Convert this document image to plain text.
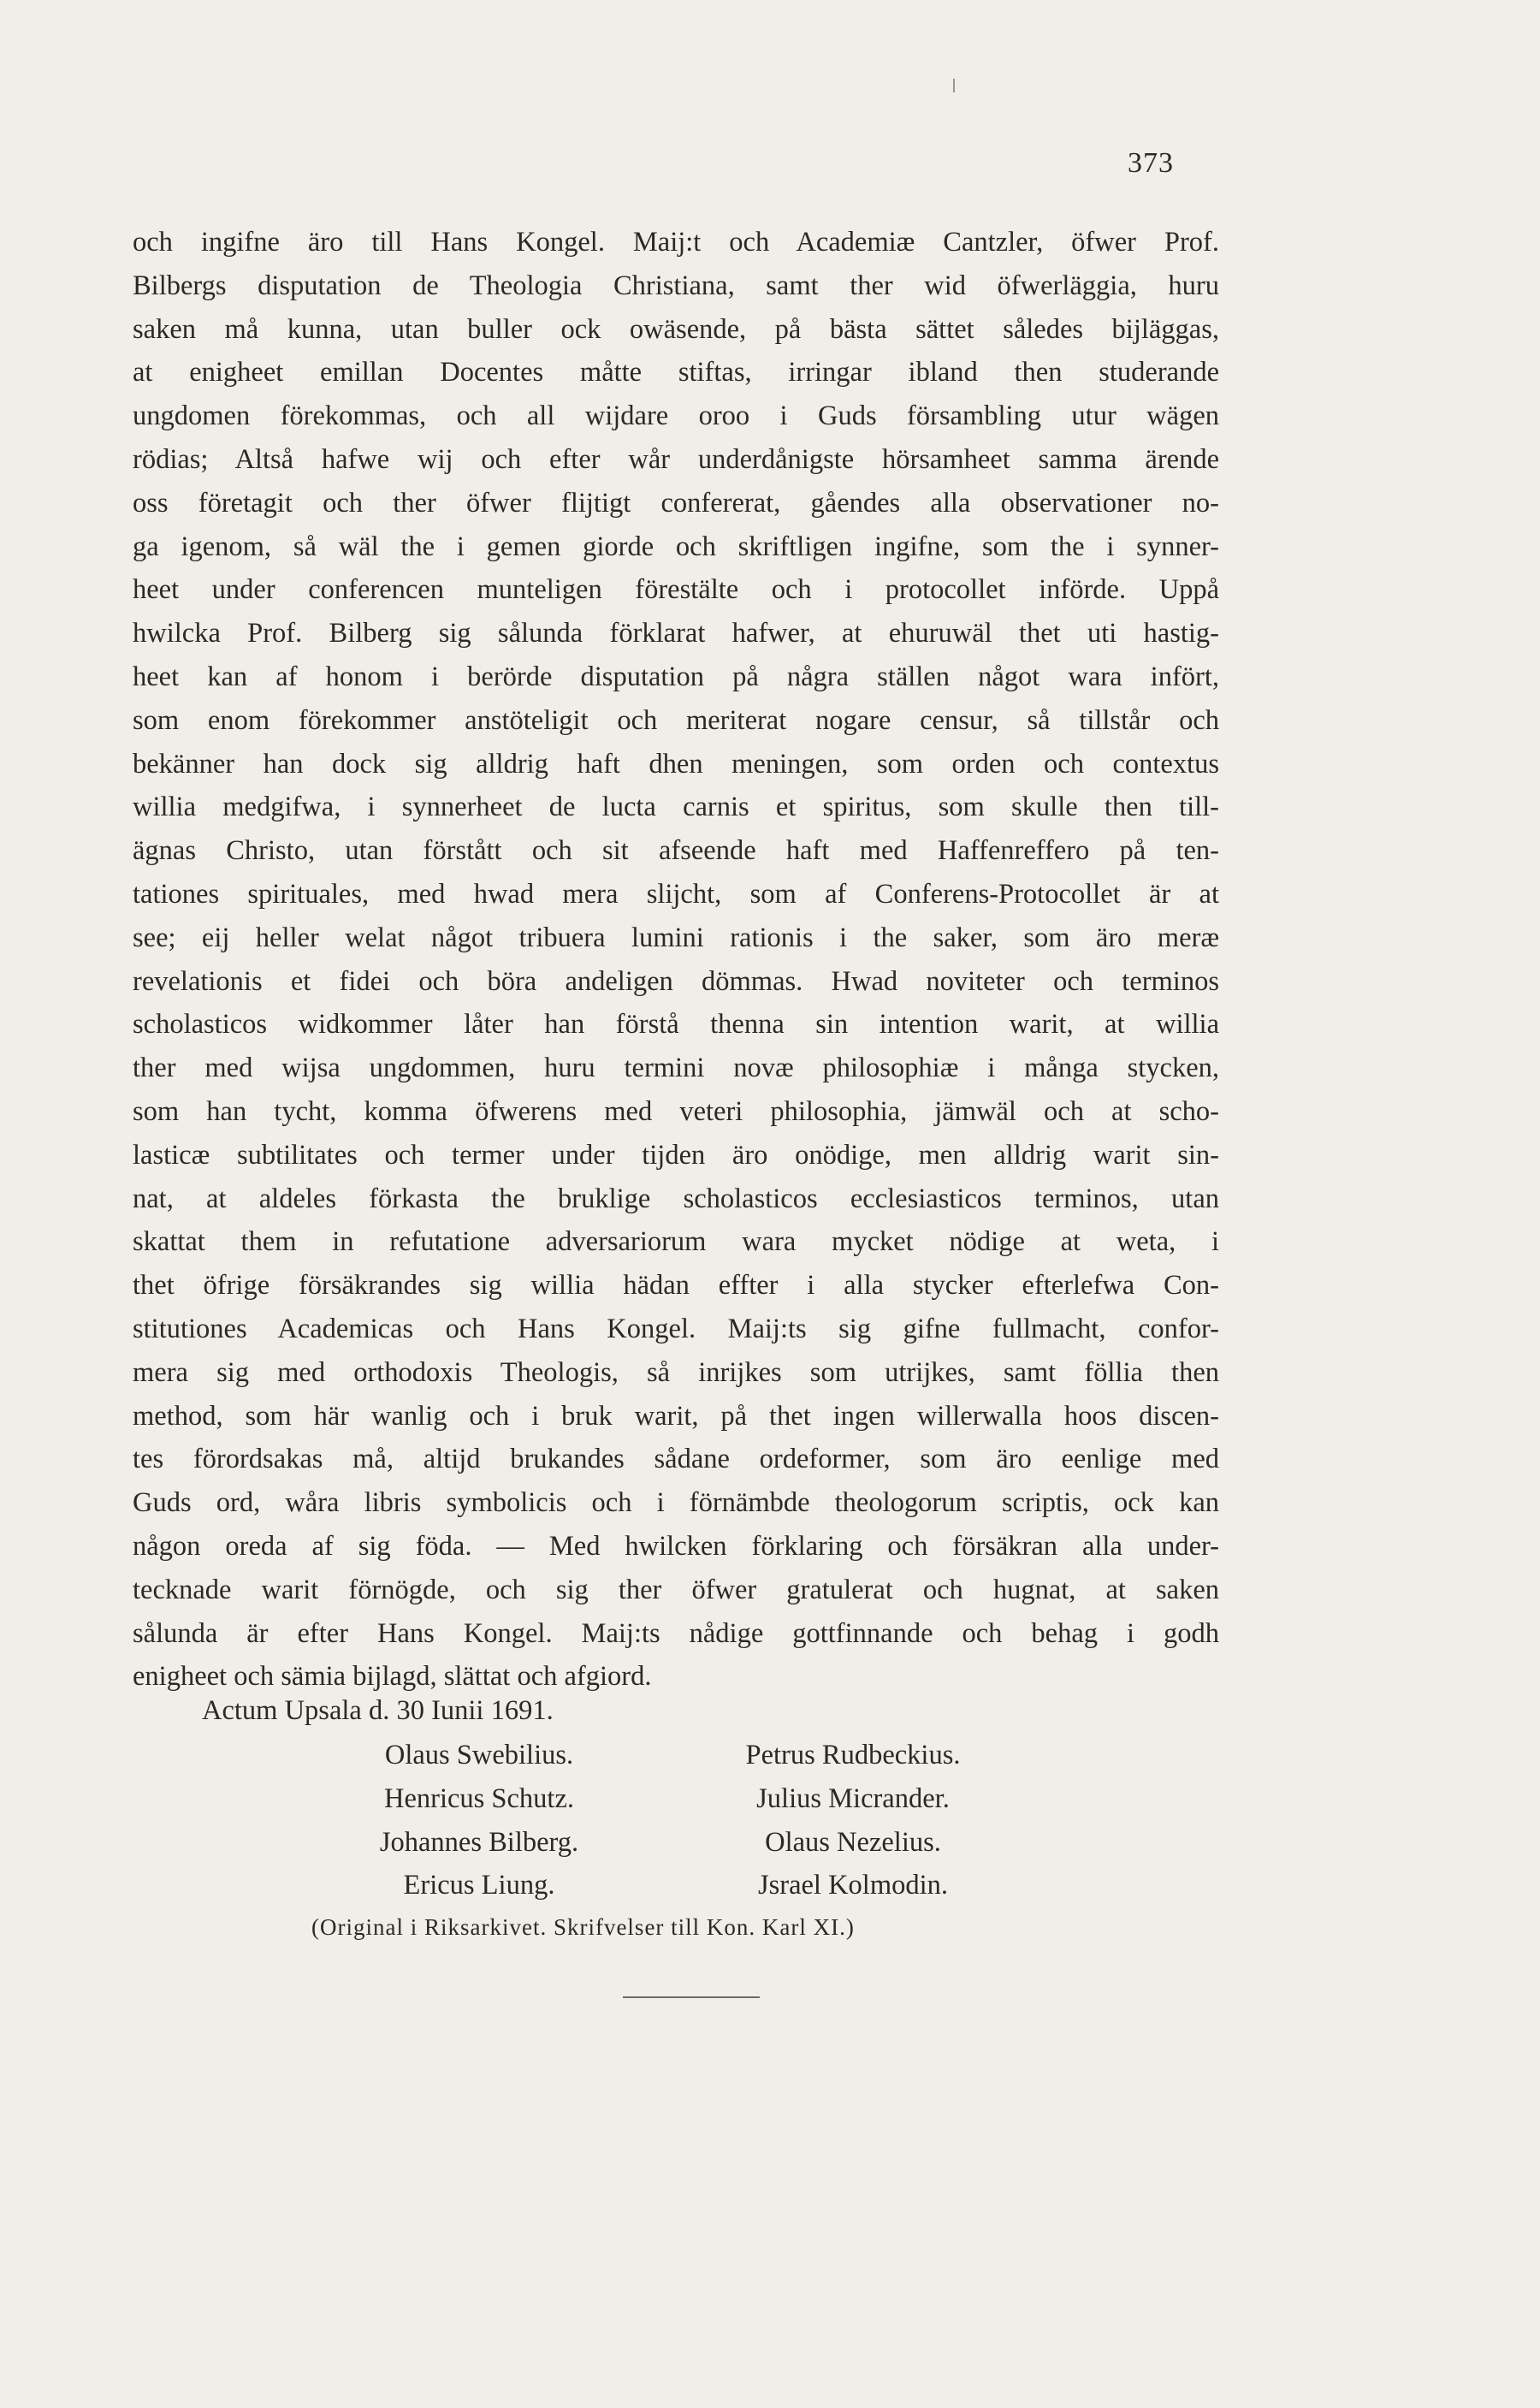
373
och ingifne äro till Hans Kongel. Maij:t och Academiæ Cantzler, öfwer Prof.
Bilbergs disputation de Theologia Christiana, samt ther wid öfwerläggia, huru
saken må kunna, utan buller ock owäsende, på bästa sättet således bijläggas,
at enigheet emillan Docentes måtte stiftas, irringar ibland then studerande
ungdomen förekommas, och all wijdare oroo i Guds försambling utur wägen
rödias; Altså hafwe wij och efter wår underdånigste hörsamheet samma ärende
oss företagit och ther öfwer flijtigt confererat, gåendes alla observationer no-
ga igenom, så wäl the i gemen giorde och skriftligen ingifne, som the i synner-
heet under conferencen munteligen förestälte och i protocollet införde. Uppå
hwilcka Prof. Bilberg sig sålunda förklarat hafwer, at ehuruwäl thet uti hastig-
heet kan af honom i berörde disputation på några ställen något wara infört,
som enom förekommer anstöteligit och meriterat nogare censur, så tillstår och
bekänner han dock sig alldrig haft dhen meningen, som orden och contextus
willia medgifwa, i synnerheet de lucta carnis et spiritus, som skulle then till-
ägnas Christo, utan förstått och sit afseende haft med Haffenreffero på ten-
tationes spirituales, med hwad mera slijcht, som af Conferens-Protocollet är at
see; eij heller welat något tribuera lumini rationis i the saker, som äro meræ
revelationis et fidei och böra andeligen dömmas. Hwad noviteter och terminos
scholasticos widkommer låter han förstå thenna sin intention warit, at willia
ther med wijsa ungdommen, huru termini novæ philosophiæ i många stycken,
som han tycht, komma öfwerens med veteri philosophia, jämwäl och at scho-
lasticæ subtilitates och termer under tijden äro onödige, men alldrig warit sin-
nat, at aldeles förkasta the bruklige scholasticos ecclesiasticos terminos, utan
skattat them in refutatione adversariorum wara mycket nödige at weta, i
thet öfrige försäkrandes sig willia hädan effter i alla stycker efterlefwa Con-
stitutiones Academicas och Hans Kongel. Maij:ts sig gifne fullmacht, confor-
mera sig med orthodoxis Theologis, så inrijkes som utrijkes, samt föllia then
method, som här wanlig och i bruk warit, på thet ingen willerwalla hoos discen-
tes förordsakas må, altijd brukandes sådane ordeformer, som äro eenlige med
Guds ord, wåra libris symbolicis och i förnämbde theologorum scriptis, ock kan
någon oreda af sig föda. — Med hwilcken förklaring och försäkran alla under-
tecknade warit förnögde, och sig ther öfwer gratulerat och hugnat, at saken
sålunda är efter Hans Kongel. Maij:ts nådige gottfinnande och behag i godh
enigheet och sämia bijlagd, slättat och afgiord.
Actum Upsala d. 30 Iunii 1691.
Olaus Swebilius.	Petrus Rudbeckius.
Henricus Schutz.	Julius Micrander.
Johannes Bilberg.	Olaus Nezelius.
Ericus Liung.	Jsrael Kolmodin.
(Original i Riksarkivet. Skrifvelser till Kon. Karl XI.)
